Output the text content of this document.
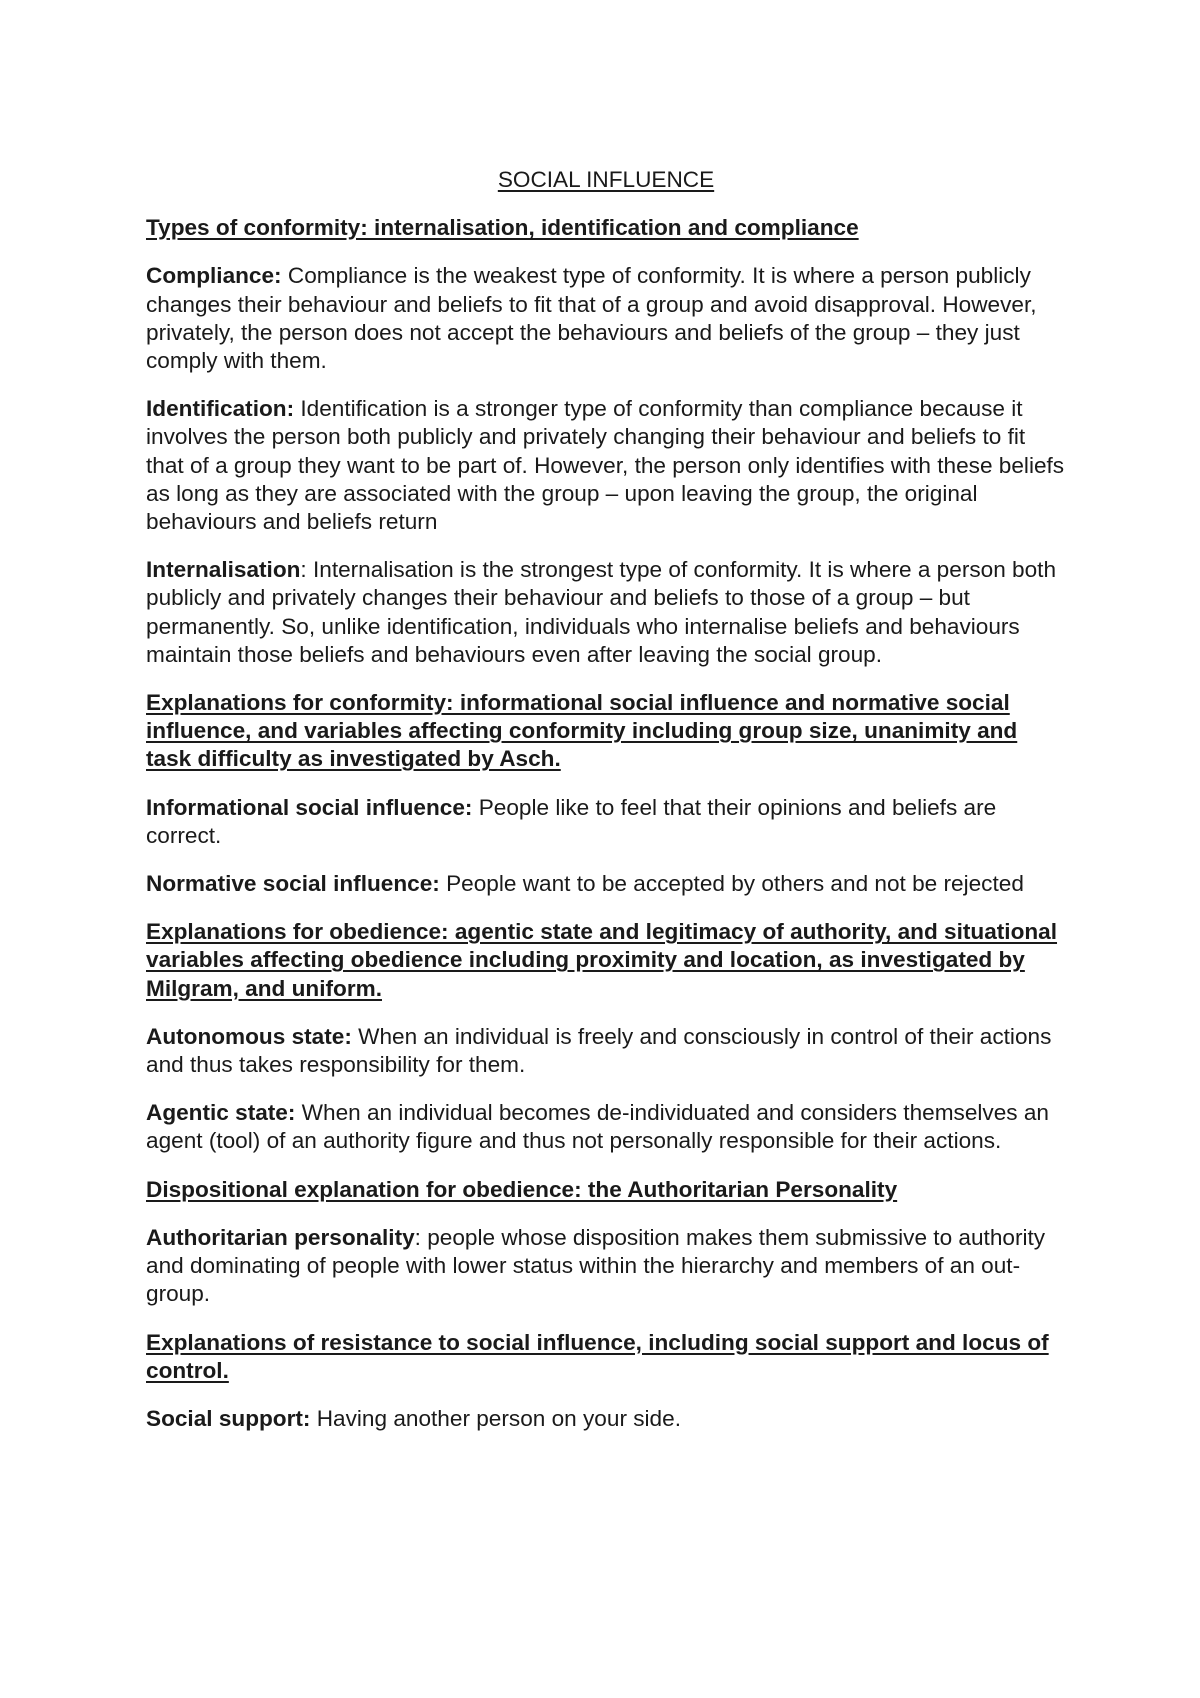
SOCIAL INFLUENCE
Types of conformity: internalisation, identification and compliance

Compliance: Compliance is the weakest type of conformity. It is where a person publicly changes their behaviour and beliefs to fit that of a group and avoid disapproval. However, privately, the person does not accept the behaviours and beliefs of the group – they just comply with them.

Identification: Identification is a stronger type of conformity than compliance because it involves the person both publicly and privately changing their behaviour and beliefs to fit that of a group they want to be part of. However, the person only identifies with these beliefs as long as they are associated with the group – upon leaving the group, the original behaviours and beliefs return

Internalisation: Internalisation is the strongest type of conformity. It is where a person both publicly and privately changes their behaviour and beliefs to those of a group – but permanently. So, unlike identification, individuals who internalise beliefs and behaviours maintain those beliefs and behaviours even after leaving the social group.

Explanations for conformity: informational social influence and normative social influence, and variables affecting conformity including group size, unanimity and task difficulty as investigated by Asch.

Informational social influence: People like to feel that their opinions and beliefs are correct.

Normative social influence: People want to be accepted by others and not be rejected

Explanations for obedience: agentic state and legitimacy of authority, and situational variables affecting obedience including proximity and location, as investigated by Milgram, and uniform.

Autonomous state: When an individual is freely and consciously in control of their actions and thus takes responsibility for them.

Agentic state: When an individual becomes de-individuated and considers themselves an agent (tool) of an authority figure and thus not personally responsible for their actions.

Dispositional explanation for obedience: the Authoritarian Personality

Authoritarian personality: people whose disposition makes them submissive to authority and dominating of people with lower status within the hierarchy and members of an out-group.

Explanations of resistance to social influence, including social support and locus of control.

Social support: Having another person on your side.
